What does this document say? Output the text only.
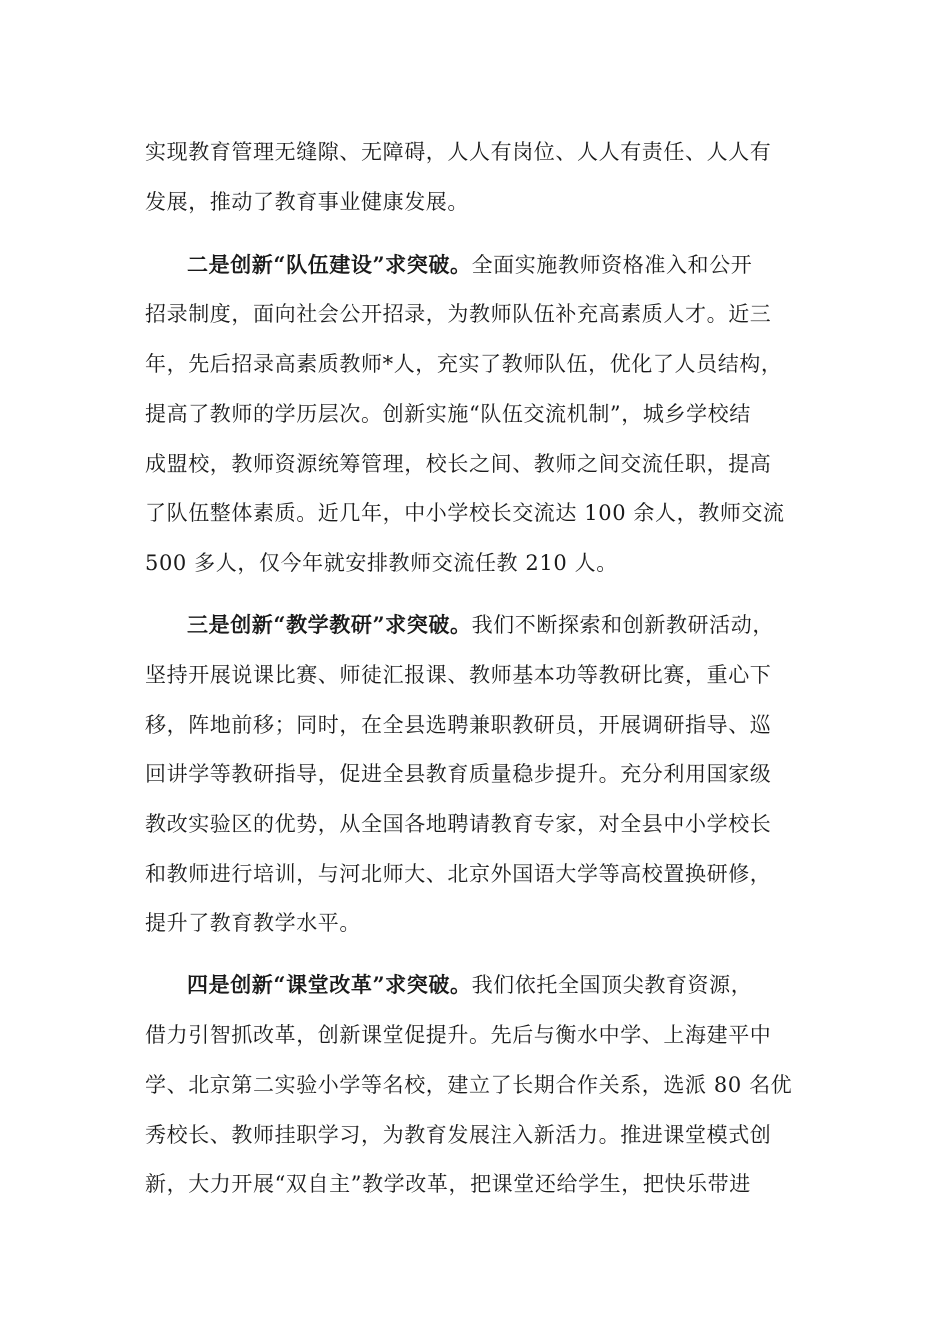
实现教育管理无缝隙、无障碍，人人有岗位、人人有责任、人人有
发展，推动了教育事业健康发展。
二是创新“队伍建设”求突破。全面实施教师资格准入和公开
招录制度，面向社会公开招录，为教师队伍补充高素质人才。近三
年，先后招录高素质教师*人，充实了教师队伍，优化了人员结构，
提高了教师的学历层次。创新实施“队伍交流机制”，城乡学校结
成盟校，教师资源统筹管理，校长之间、教师之间交流任职，提高
了队伍整体素质。近几年，中小学校长交流达 100 余人，教师交流
500 多人，仅今年就安排教师交流任教 210 人。
三是创新“教学教研”求突破。我们不断探索和创新教研活动，
坚持开展说课比赛、师徒汇报课、教师基本功等教研比赛，重心下
移，阵地前移；同时，在全县选聘兼职教研员，开展调研指导、巡
回讲学等教研指导，促进全县教育质量稳步提升。充分利用国家级
教改实验区的优势，从全国各地聘请教育专家，对全县中小学校长
和教师进行培训，与河北师大、北京外国语大学等高校置换研修，
提升了教育教学水平。
四是创新“课堂改革”求突破。我们依托全国顶尖教育资源，
借力引智抓改革，创新课堂促提升。先后与衡水中学、上海建平中
学、北京第二实验小学等名校，建立了长期合作关系，选派 80 名优
秀校长、教师挂职学习，为教育发展注入新活力。推进课堂模式创
新，大力开展“双自主”教学改革，把课堂还给学生，把快乐带进
